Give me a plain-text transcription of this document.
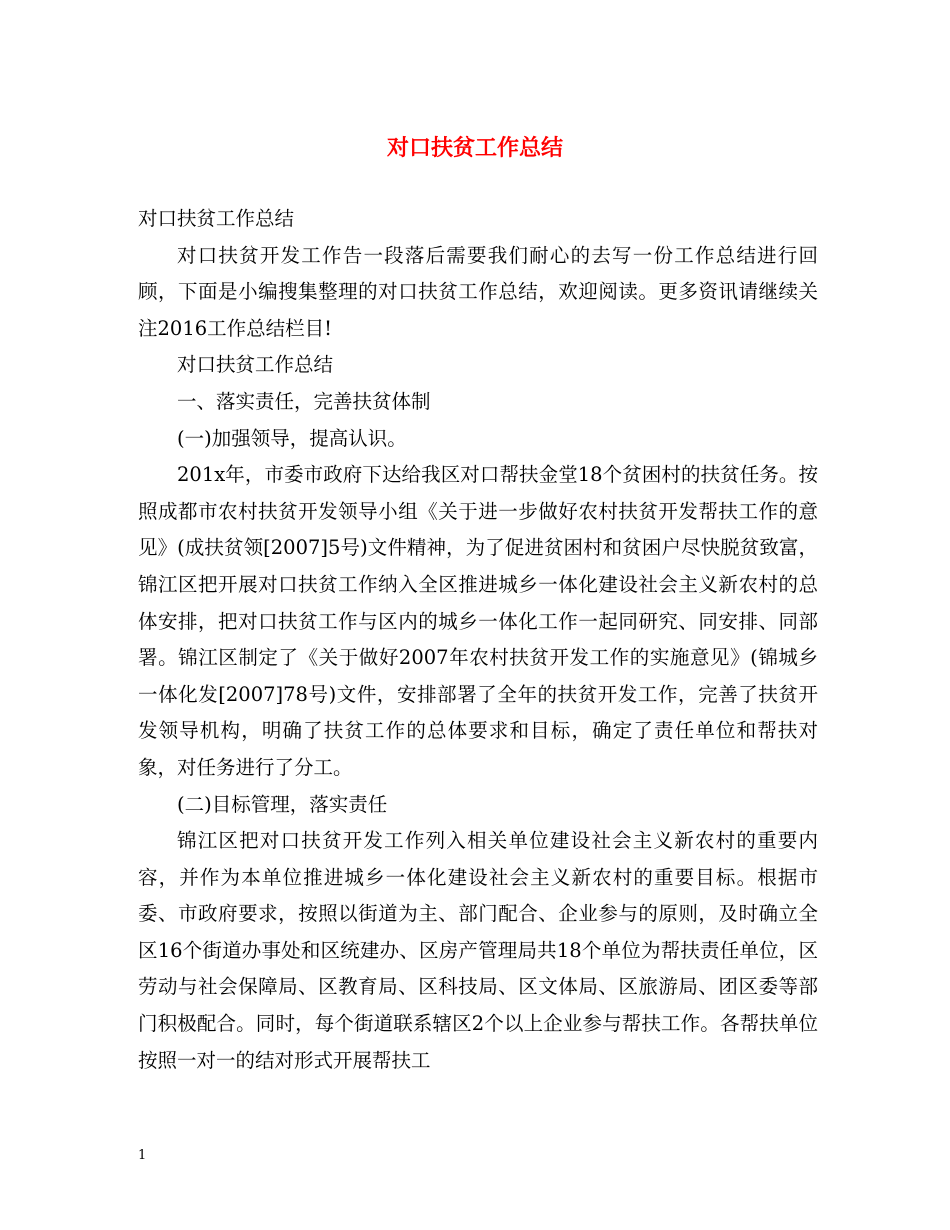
对口扶贫工作总结

对口扶贫工作总结

对口扶贫开发工作告一段落后需要我们耐心的去写一份工作总结进行回顾，下面是小编搜集整理的对口扶贫工作总结，欢迎阅读。更多资讯请继续关注2016工作总结栏目!

对口扶贫工作总结

一、落实责任，完善扶贫体制

(一)加强领导，提高认识。

201x年，市委市政府下达给我区对口帮扶金堂18个贫困村的扶贫任务。按照成都市农村扶贫开发领导小组《关于进一步做好农村扶贫开发帮扶工作的意见》(成扶贫领[2007]5号)文件精神，为了促进贫困村和贫困户尽快脱贫致富，锦江区把开展对口扶贫工作纳入全区推进城乡一体化建设社会主义新农村的总体安排，把对口扶贫工作与区内的城乡一体化工作一起同研究、同安排、同部署。锦江区制定了《关于做好2007年农村扶贫开发工作的实施意见》(锦城乡一体化发[2007]78号)文件，安排部署了全年的扶贫开发工作，完善了扶贫开发领导机构，明确了扶贫工作的总体要求和目标，确定了责任单位和帮扶对象，对任务进行了分工。

(二)目标管理，落实责任

锦江区把对口扶贫开发工作列入相关单位建设社会主义新农村的重要内容，并作为本单位推进城乡一体化建设社会主义新农村的重要目标。根据市委、市政府要求，按照以街道为主、部门配合、企业参与的原则，及时确立全区16个街道办事处和区统建办、区房产管理局共18个单位为帮扶责任单位，区劳动与社会保障局、区教育局、区科技局、区文体局、区旅游局、团区委等部门积极配合。同时，每个街道联系辖区2个以上企业参与帮扶工作。各帮扶单位按照一对一的结对形式开展帮扶工

1
